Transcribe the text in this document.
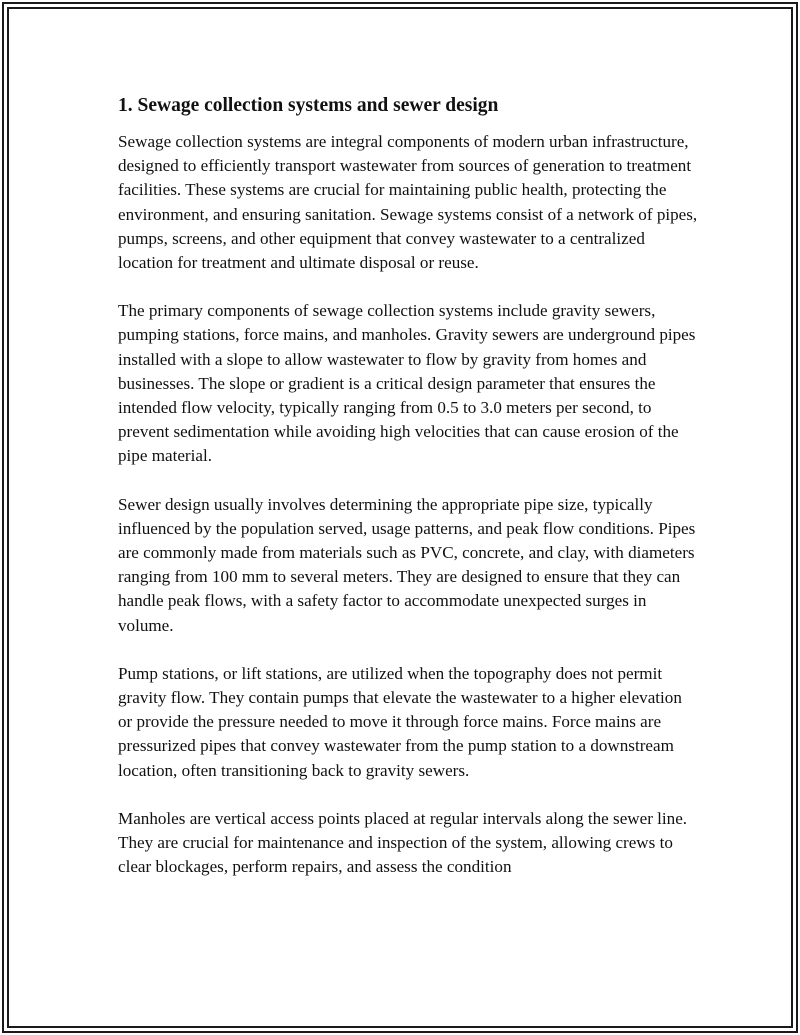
1. Sewage collection systems and sewer design

Sewage collection systems are integral components of modern urban infrastructure, designed to efficiently transport wastewater from sources of generation to treatment facilities. These systems are crucial for maintaining public health, protecting the environment, and ensuring sanitation. Sewage systems consist of a network of pipes, pumps, screens, and other equipment that convey wastewater to a centralized location for treatment and ultimate disposal or reuse.

The primary components of sewage collection systems include gravity sewers, pumping stations, force mains, and manholes. Gravity sewers are underground pipes installed with a slope to allow wastewater to flow by gravity from homes and businesses. The slope or gradient is a critical design parameter that ensures the intended flow velocity, typically ranging from 0.5 to 3.0 meters per second, to prevent sedimentation while avoiding high velocities that can cause erosion of the pipe material.

Sewer design usually involves determining the appropriate pipe size, typically influenced by the population served, usage patterns, and peak flow conditions. Pipes are commonly made from materials such as PVC, concrete, and clay, with diameters ranging from 100 mm to several meters. They are designed to ensure that they can handle peak flows, with a safety factor to accommodate unexpected surges in volume.

Pump stations, or lift stations, are utilized when the topography does not permit gravity flow. They contain pumps that elevate the wastewater to a higher elevation or provide the pressure needed to move it through force mains. Force mains are pressurized pipes that convey wastewater from the pump station to a downstream location, often transitioning back to gravity sewers.

Manholes are vertical access points placed at regular intervals along the sewer line. They are crucial for maintenance and inspection of the system, allowing crews to clear blockages, perform repairs, and assess the condition
